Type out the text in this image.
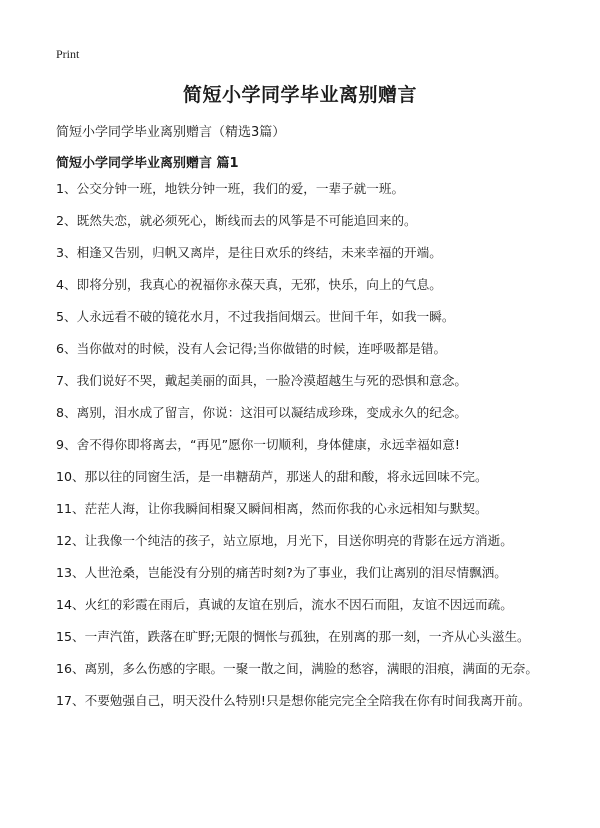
Print
简短小学同学毕业离别赠言

简短小学同学毕业离别赠言（精选3篇）

简短小学同学毕业离别赠言 篇1
1、公交分钟一班，地铁分钟一班，我们的爱，一辈子就一班。
2、既然失恋，就必须死心，断线而去的风筝是不可能追回来的。
3、相逢又告别，归帆又离岸，是往日欢乐的终结，未来幸福的开端。
4、即将分别，我真心的祝福你永葆天真，无邪，快乐，向上的气息。
5、人永远看不破的镜花水月，不过我指间烟云。世间千年，如我一瞬。
6、当你做对的时候，没有人会记得;当你做错的时候，连呼吸都是错。
7、我们说好不哭，戴起美丽的面具，一脸冷漠超越生与死的恐惧和意念。
8、离别，泪水成了留言，你说：这泪可以凝结成珍珠，变成永久的纪念。
9、舍不得你即将离去，“再见”愿你一切顺利，身体健康，永远幸福如意!
10、那以往的同窗生活，是一串糖葫芦，那迷人的甜和酸，将永远回味不完。
11、茫茫人海，让你我瞬间相聚又瞬间相离，然而你我的心永远相知与默契。
12、让我像一个纯洁的孩子，站立原地，月光下，目送你明亮的背影在远方消逝。
13、人世沧桑，岂能没有分别的痛苦时刻?为了事业，我们让离别的泪尽情飘洒。
14、火红的彩霞在雨后，真诚的友谊在别后，流水不因石而阻，友谊不因远而疏。
15、一声汽笛，跌落在旷野;无限的惆怅与孤独，在别离的那一刻，一齐从心头滋生。
16、离别，多么伤感的字眼。一聚一散之间，满脸的愁容，满眼的泪痕，满面的无奈。
17、不要勉强自己，明天没什么特别!只是想你能完完全全陪我在你有时间我离开前。
